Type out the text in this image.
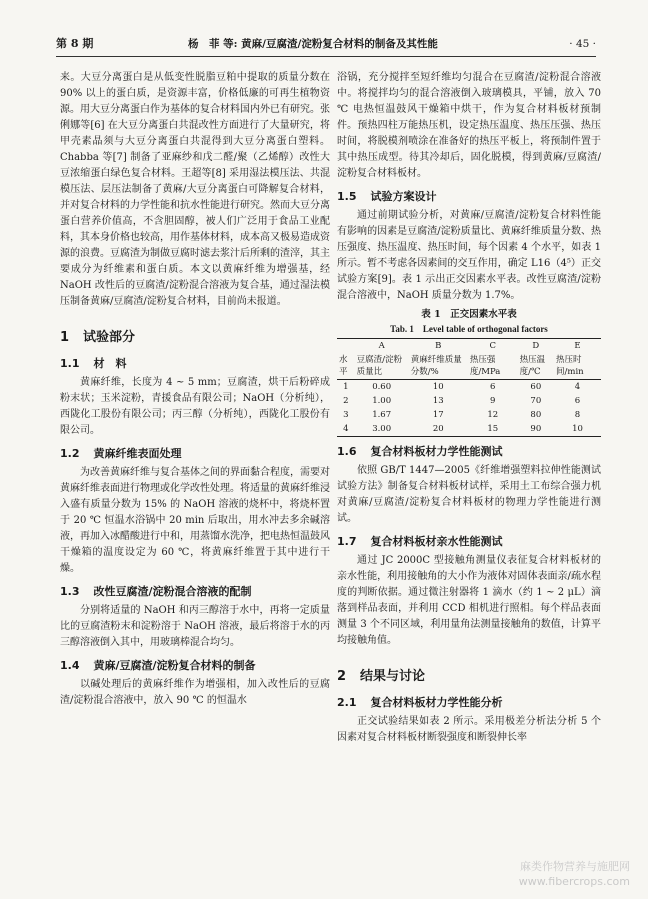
第 8 期	杨　菲 等: 黄麻/豆腐渣/淀粉复合材料的制备及其性能	· 45 ·

来。大豆分离蛋白是从低变性脱脂豆粕中提取的质量分数在 90% 以上的蛋白质，是资源丰富，价格低廉的可再生植物资源。用大豆分离蛋白作为基体的复合材料国内外已有研究。张俐娜等[6] 在大豆分离蛋白共混改性方面进行了大量研究，将甲壳素晶须与大豆分离蛋白共混得到大豆分离蛋白塑料。Chabba 等[7] 制备了亚麻纱和戊二醛/聚（乙烯醇）改性大豆浓缩蛋白绿色复合材料。王超等[8] 采用湿法模压法、共混模压法、层压法制备了黄麻/大豆分离蛋白可降解复合材料，并对复合材料的力学性能和抗水性能进行研究。然而大豆分离蛋白营养价值高，不含胆固醇，被人们广泛用于食品工业配料，其本身价格也较高，用作基体材料，成本高又极易造成资源的浪费。豆腐渣为制做豆腐时滤去浆汁后所剩的渣滓，其主要成分为纤维素和蛋白质。本文以黄麻纤维为增强基，经 NaOH 改性后的豆腐渣/淀粉混合溶液为复合基，通过湿法模压制备黄麻/豆腐渣/淀粉复合材料，目前尚未报道。

1 试验部分
1.1 材　料

黄麻纤维，长度为 4 ~ 5 mm；豆腐渣，烘干后粉碎成粉末状；玉米淀粉，青援食品有限公司；NaOH（分析纯），西陇化工股份有限公司；丙三醇（分析纯），西陇化工股份有限公司。

1.2 黄麻纤维表面处理

为改善黄麻纤维与复合基体之间的界面黏合程度，需要对黄麻纤维表面进行物理或化学改性处理。将适量的黄麻纤维浸入盛有质量分数为 15% 的 NaOH 溶液的烧杯中，将烧杯置于 20 ℃ 恒温水浴锅中 20 min 后取出，用水冲去多余碱溶液，再加入冰醋酸进行中和，用蒸馏水洗净，把电热恒温鼓风干燥箱的温度设定为 60 ℃，将黄麻纤维置于其中进行干燥。

1.3 改性豆腐渣/淀粉混合溶液的配制

分别将适量的 NaOH 和丙三醇溶于水中，再将一定质量比的豆腐渣粉末和淀粉溶于 NaOH 溶液，最后将溶于水的丙三醇溶液倒入其中，用玻璃棒混合均匀。

1.4 黄麻/豆腐渣/淀粉复合材料的制备

以碱处理后的黄麻纤维作为增强相，加入改性后的豆腐渣/淀粉混合溶液中，放入 90 ℃ 的恒温水

浴锅，充分搅拌至短纤维均匀混合在豆腐渣/淀粉混合溶液中。将搅拌均匀的混合溶液倒入玻璃模具，平铺，放入 70 ℃ 电热恒温鼓风干燥箱中烘干，作为复合材料板材预制件。预热四柱万能热压机，设定热压温度、热压压强、热压时间，将脱模剂喷涂在准备好的热压平板上，将预制件置于其中热压成型。待其冷却后，固化脱模，得到黄麻/豆腐渣/淀粉复合材料板材。

1.5 试验方案设计

通过前期试验分析，对黄麻/豆腐渣/淀粉复合材料性能有影响的因素是豆腐渣/淀粉质量比、黄麻纤维质量分数、热压强度、热压温度、热压时间，每个因素 4 个水平，如表 1 所示。暂不考虑各因素间的交互作用，确定 L16（4⁵）正交试验方案[9]。表 1 示出正交因素水平表。改性豆腐渣/淀粉混合溶液中，NaOH 质量分数为 1.7%。

表 1　正交因素水平表
Tab. 1　Level table of orthogonal factors
	A	B	C	D	E
水平	豆腐渣/淀粉质量比	黄麻纤维质量分数/%	热压强度/MPa	热压温度/℃	热压时间/min
1	0.60	10	6	60	4
2	1.00	13	9	70	6
3	1.67	17	12	80	8
4	3.00	20	15	90	10
1.6 复合材料板材力学性能测试

依照 GB/T 1447—2005《纤维增强塑料拉伸性能测试试验方法》制备复合材料板材试样，采用土工布综合强力机对黄麻/豆腐渣/淀粉复合材料板材的物理力学性能进行测试。

1.7 复合材料板材亲水性能测试

通过 JC 2000C 型接触角测量仪表征复合材料板材的亲水性能，利用接触角的大小作为液体对固体表面亲/疏水程度的判断依据。通过微注射器将 1 滴水（约 1 ~ 2 μL）滴落到样品表面，并利用 CCD 相机进行照相。每个样品表面测量 3 个不同区域，利用量角法测量接触角的数值，计算平均接触角值。

2 结果与讨论
2.1 复合材料板材力学性能分析

正交试验结果如表 2 所示。采用极差分析法分析 5 个因素对复合材料板材断裂强度和断裂伸长率

麻类作物营养与施肥网
www.fibercrops.com
